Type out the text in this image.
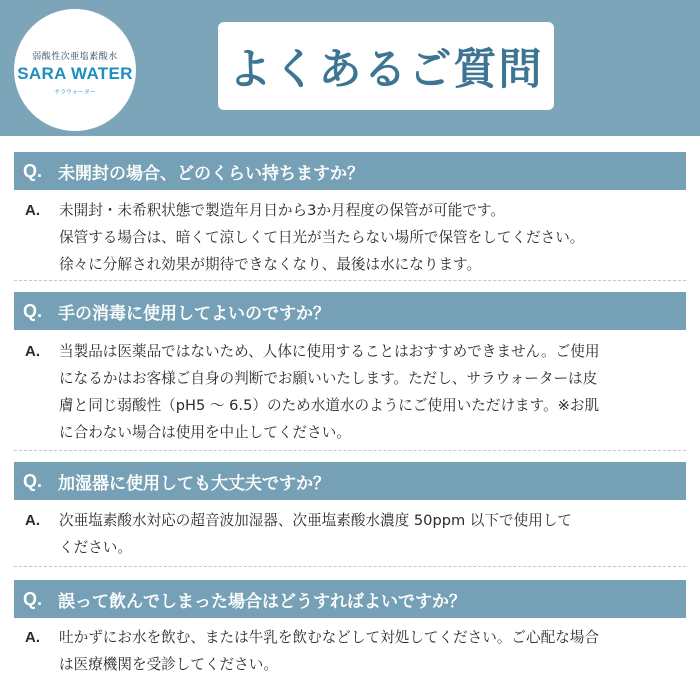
弱酸性次亜塩素酸水
SARA WATER
サラウォーター	よくあるご質問
Q. 未開封の場合、どのくらい持ちますか？
A. 未開封・未希釈状態で製造年月日から3か月程度の保管が可能です。
保管する場合は、暗くて涼しくて日光が当たらない場所で保管をしてください。
徐々に分解され効果が期待できなくなり、最後は水になります。
Q. 手の消毒に使用してよいのですか？
A. 当製品は医薬品ではないため、人体に使用することはおすすめできません。ご使用
になるかはお客様ご自身の判断でお願いいたします。ただし、サラウォーターは皮
膚と同じ弱酸性（pH5 ～ 6.5）のため水道水のようにご使用いただけます。※お肌
に合わない場合は使用を中止してください。
Q. 加湿器に使用しても大丈夫ですか？
A. 次亜塩素酸水対応の超音波加湿器、次亜塩素酸水濃度 50ppm 以下で使用して
ください。
Q. 誤って飲んでしまった場合はどうすればよいですか？
A. 吐かずにお水を飲む、または牛乳を飲むなどして対処してください。ご心配な場合
は医療機関を受診してください。
